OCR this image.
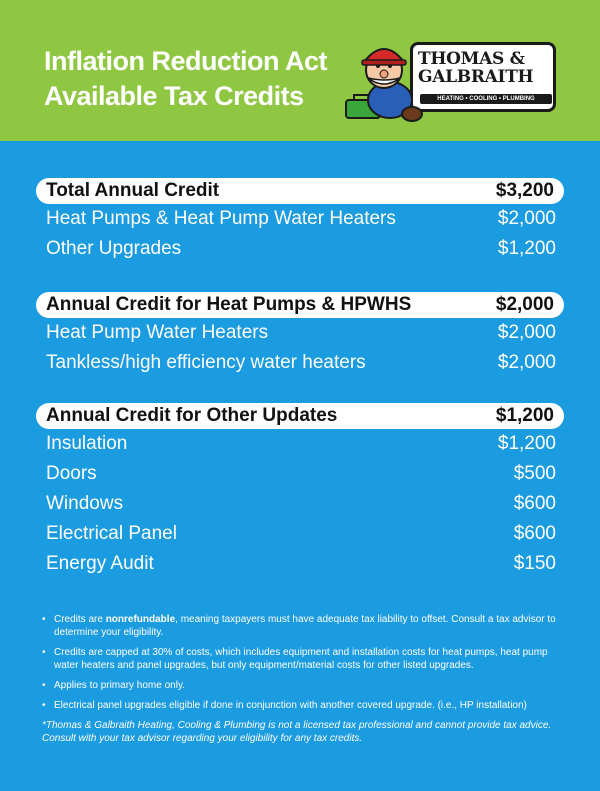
Inflation Reduction Act
Available Tax Credits
THOMAS &
GALBRAITH
HEATING • COOLING • PLUMBING
Total Annual Credit	$3,200
Heat Pumps & Heat Pump Water Heaters	$2,000
Other Upgrades	$1,200
Annual Credit for Heat Pumps & HPWHS	$2,000
Heat Pump Water Heaters	$2,000
Tankless/high efficiency water heaters	$2,000
Annual Credit for Other Updates	$1,200
Insulation	$1,200
Doors	$500
Windows	$600
Electrical Panel	$600
Energy Audit	$150
• Credits are nonrefundable, meaning taxpayers must have adequate tax liability to offset. Consult a tax advisor to determine your eligibility.
• Credits are capped at 30% of costs, which includes equipment and installation costs for heat pumps, heat pump water heaters and panel upgrades, but only equipment/material costs for other listed upgrades.
• Applies to primary home only.
• Electrical panel upgrades eligible if done in conjunction with another covered upgrade. (i.e., HP installation)
*Thomas & Galbraith Heating, Cooling & Plumbing is not a licensed tax professional and cannot provide tax advice. Consult with your tax advisor regarding your eligibility for any tax credits.
